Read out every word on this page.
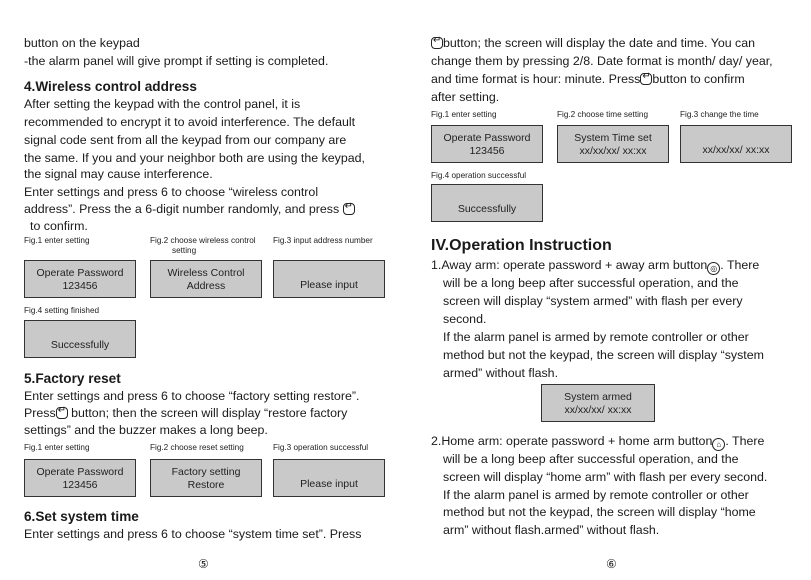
button on the keypad
-the alarm panel will give prompt if setting is completed.
4.Wireless control address
After setting the keypad with the control panel, it is
recommended to encrypt it to avoid interference. The default
signal code sent from all the keypad from our company are
the same. If you and your neighbor both are using the keypad,
the signal may cause interference.
Enter settings and press 6 to choose “wireless control
address”. Press the a 6-digit number randomly, and press ↵
to confirm.
Fig.1 enter setting	Fig.2 choose wireless control
setting
Fig.3 input address number
Operate Password
123456
Wireless Control
Address	Please input
Fig.4 setting finished
Successfully
5.Factory reset
Enter settings and press 6 to choose “factory setting restore”.
Press ↵ button; then the screen will display “restore factory
settings” and the buzzer makes a long beep.
Fig.1 enter setting	Fig.2 choose reset setting	Fig.3 operation successful
Operate Password
123456
Factory setting
Restore	Please input
6.Set system time
Enter settings and press 6 to choose “system time set”. Press
⑤
↵ button; the screen will display the date and time. You can
change them by pressing 2/8. Date format is month/ day/ year,
and time format is hour: minute. Press ↵ button to confirm
after setting.
Fig.1 enter setting	Fig.2 choose time setting	Fig.3 change the time
Operate Password
123456
System Time set
xx/xx/xx/ xx:xx	xx/xx/xx/ xx:xx
Fig.4 operation successful
Successfully
IV.Operation Instruction
1.Away arm: operate password + away arm button ◎ . There
will be a long beep after successful operation, and the
screen will display “system armed” with flash per every
second.
If the alarm panel is armed by remote controller or other
method but not the keypad, the screen will display “system
armed” without flash.
System armed
xx/xx/xx/ xx:xx
2.Home arm: operate password + home arm button ⌂ . There
will be a long beep after successful operation, and the
screen will display “home arm” with flash per every second.
If the alarm panel is armed by remote controller or other
method but not the keypad, the screen will display “home
arm” without flash.armed” without flash.
⑥
